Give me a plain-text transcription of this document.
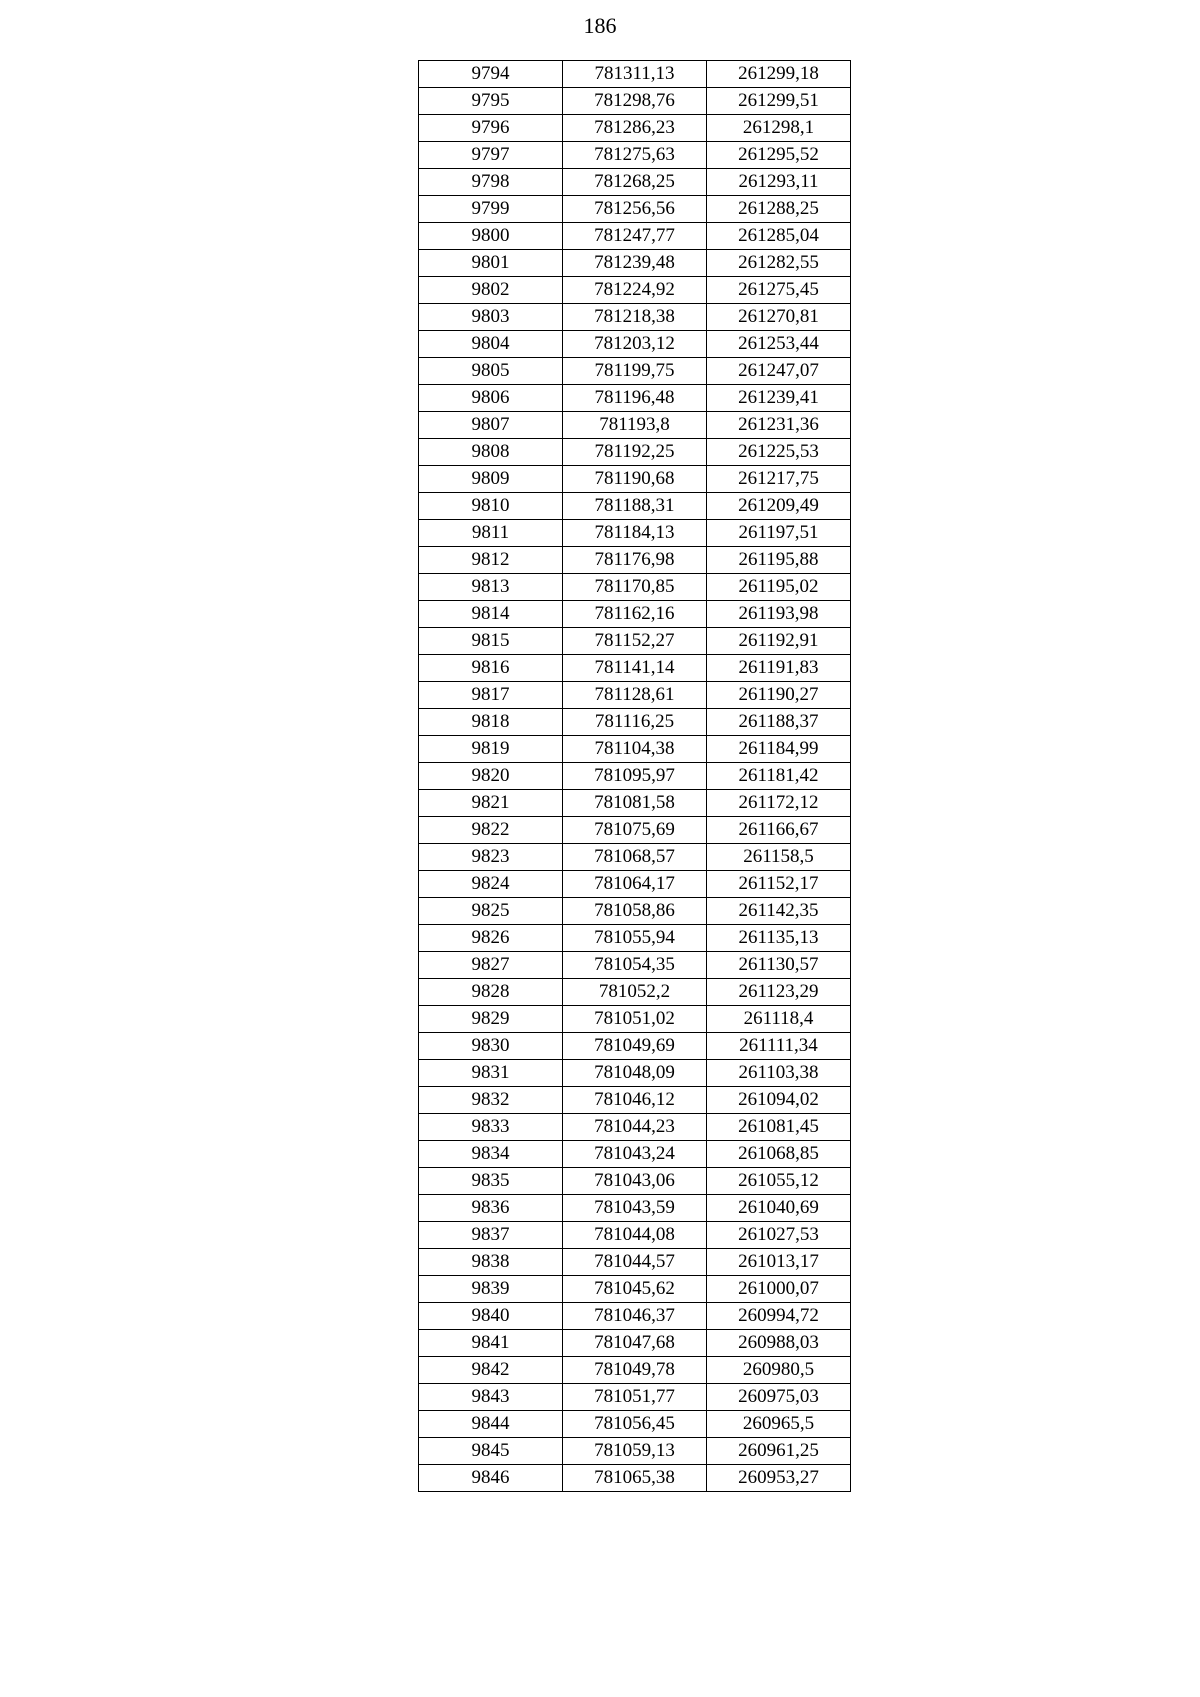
186
9794	781311,13	261299,18
9795	781298,76	261299,51
9796	781286,23	261298,1
9797	781275,63	261295,52
9798	781268,25	261293,11
9799	781256,56	261288,25
9800	781247,77	261285,04
9801	781239,48	261282,55
9802	781224,92	261275,45
9803	781218,38	261270,81
9804	781203,12	261253,44
9805	781199,75	261247,07
9806	781196,48	261239,41
9807	781193,8	261231,36
9808	781192,25	261225,53
9809	781190,68	261217,75
9810	781188,31	261209,49
9811	781184,13	261197,51
9812	781176,98	261195,88
9813	781170,85	261195,02
9814	781162,16	261193,98
9815	781152,27	261192,91
9816	781141,14	261191,83
9817	781128,61	261190,27
9818	781116,25	261188,37
9819	781104,38	261184,99
9820	781095,97	261181,42
9821	781081,58	261172,12
9822	781075,69	261166,67
9823	781068,57	261158,5
9824	781064,17	261152,17
9825	781058,86	261142,35
9826	781055,94	261135,13
9827	781054,35	261130,57
9828	781052,2	261123,29
9829	781051,02	261118,4
9830	781049,69	261111,34
9831	781048,09	261103,38
9832	781046,12	261094,02
9833	781044,23	261081,45
9834	781043,24	261068,85
9835	781043,06	261055,12
9836	781043,59	261040,69
9837	781044,08	261027,53
9838	781044,57	261013,17
9839	781045,62	261000,07
9840	781046,37	260994,72
9841	781047,68	260988,03
9842	781049,78	260980,5
9843	781051,77	260975,03
9844	781056,45	260965,5
9845	781059,13	260961,25
9846	781065,38	260953,27
